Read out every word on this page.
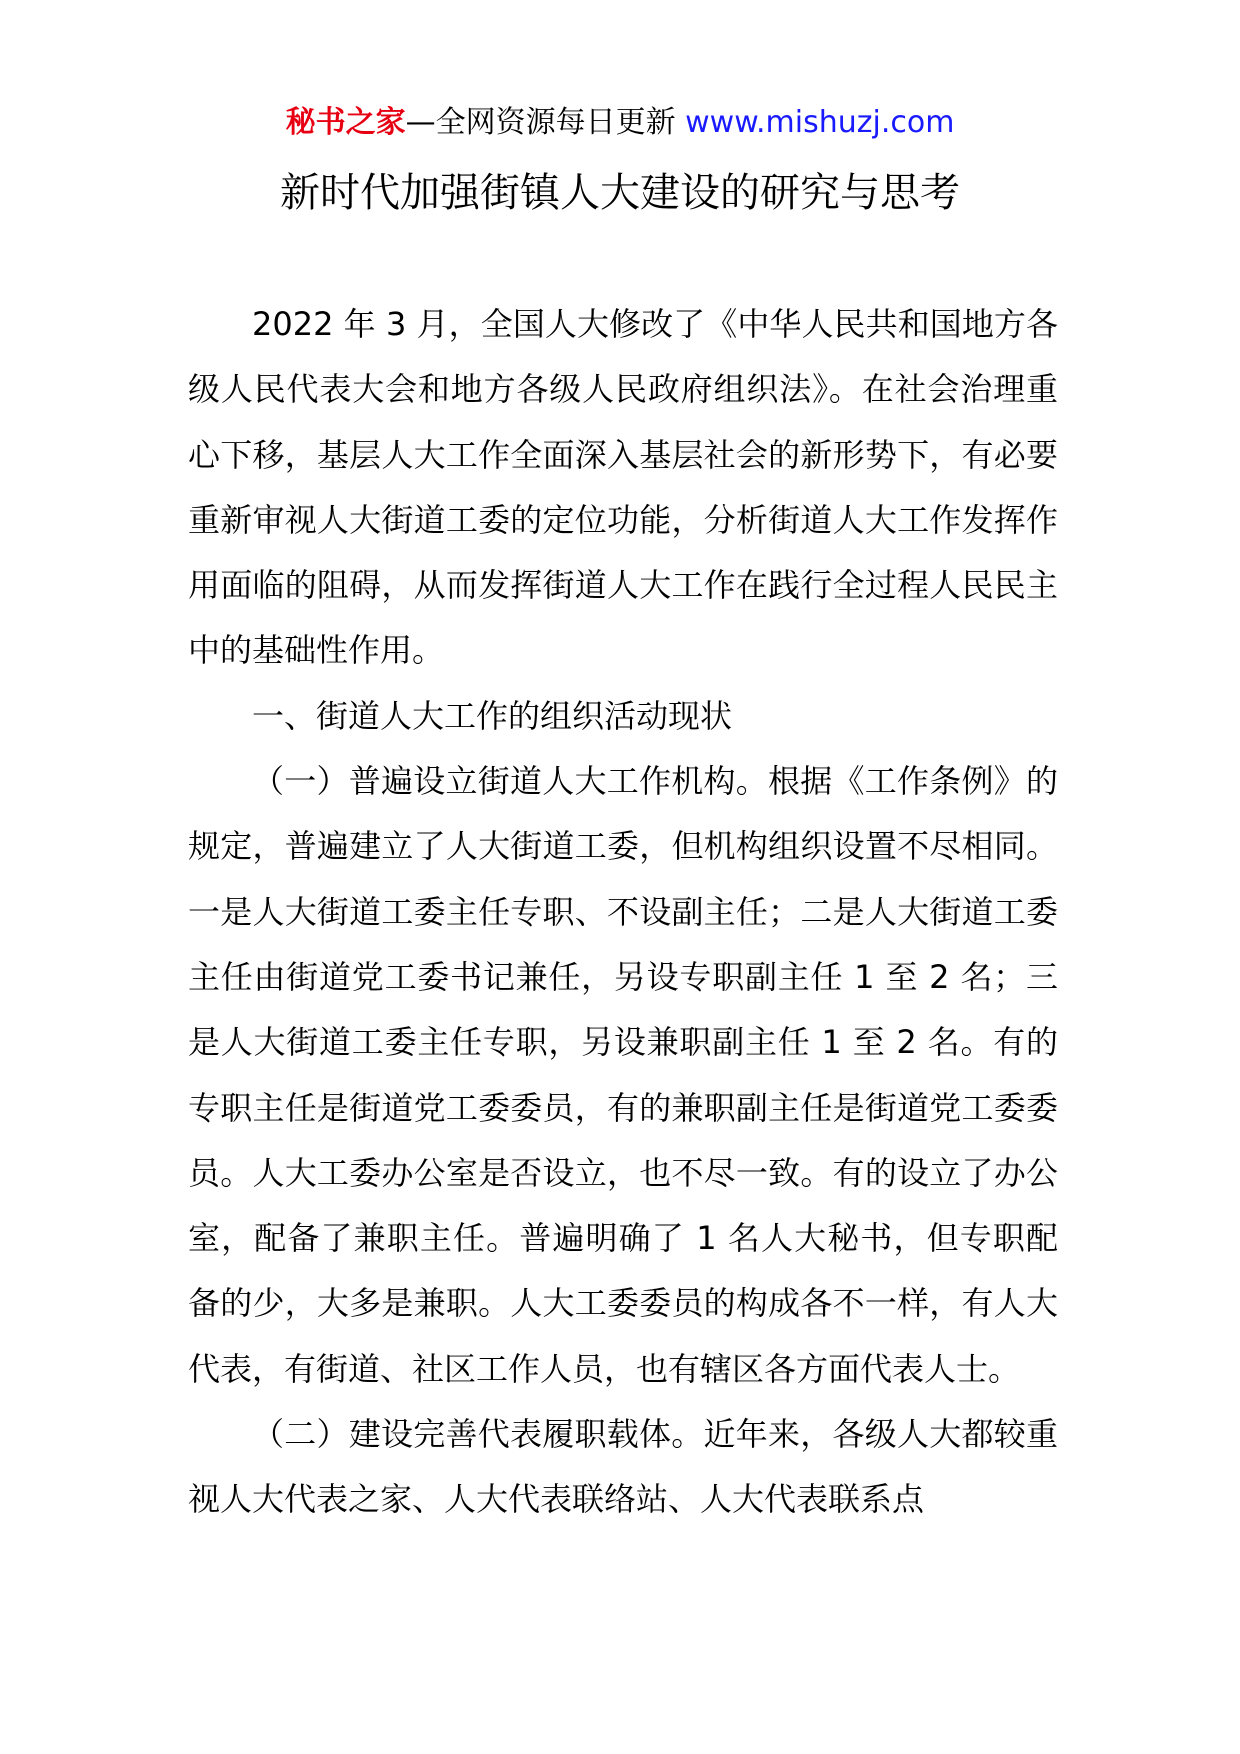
秘书之家—全网资源每日更新 www.mishuzj.com
新时代加强街镇人大建设的研究与思考

2022 年 3 月，全国人大修改了《中华人民共和国地方各级人民代表大会和地方各级人民政府组织法》。在社会治理重心下移，基层人大工作全面深入基层社会的新形势下，有必要重新审视人大街道工委的定位功能，分析街道人大工作发挥作用面临的阻碍，从而发挥街道人大工作在践行全过程人民民主中的基础性作用。

一、街道人大工作的组织活动现状

（一）普遍设立街道人大工作机构。根据《工作条例》的规定，普遍建立了人大街道工委，但机构组织设置不尽相同。一是人大街道工委主任专职、不设副主任；二是人大街道工委主任由街道党工委书记兼任，另设专职副主任 1 至 2 名；三是人大街道工委主任专职，另设兼职副主任 1 至 2 名。有的专职主任是街道党工委委员，有的兼职副主任是街道党工委委员。人大工委办公室是否设立，也不尽一致。有的设立了办公室，配备了兼职主任。普遍明确了 1 名人大秘书，但专职配备的少，大多是兼职。人大工委委员的构成各不一样，有人大代表，有街道、社区工作人员，也有辖区各方面代表人士。

（二）建设完善代表履职载体。近年来，各级人大都较重视人大代表之家、人大代表联络站、人大代表联系点
